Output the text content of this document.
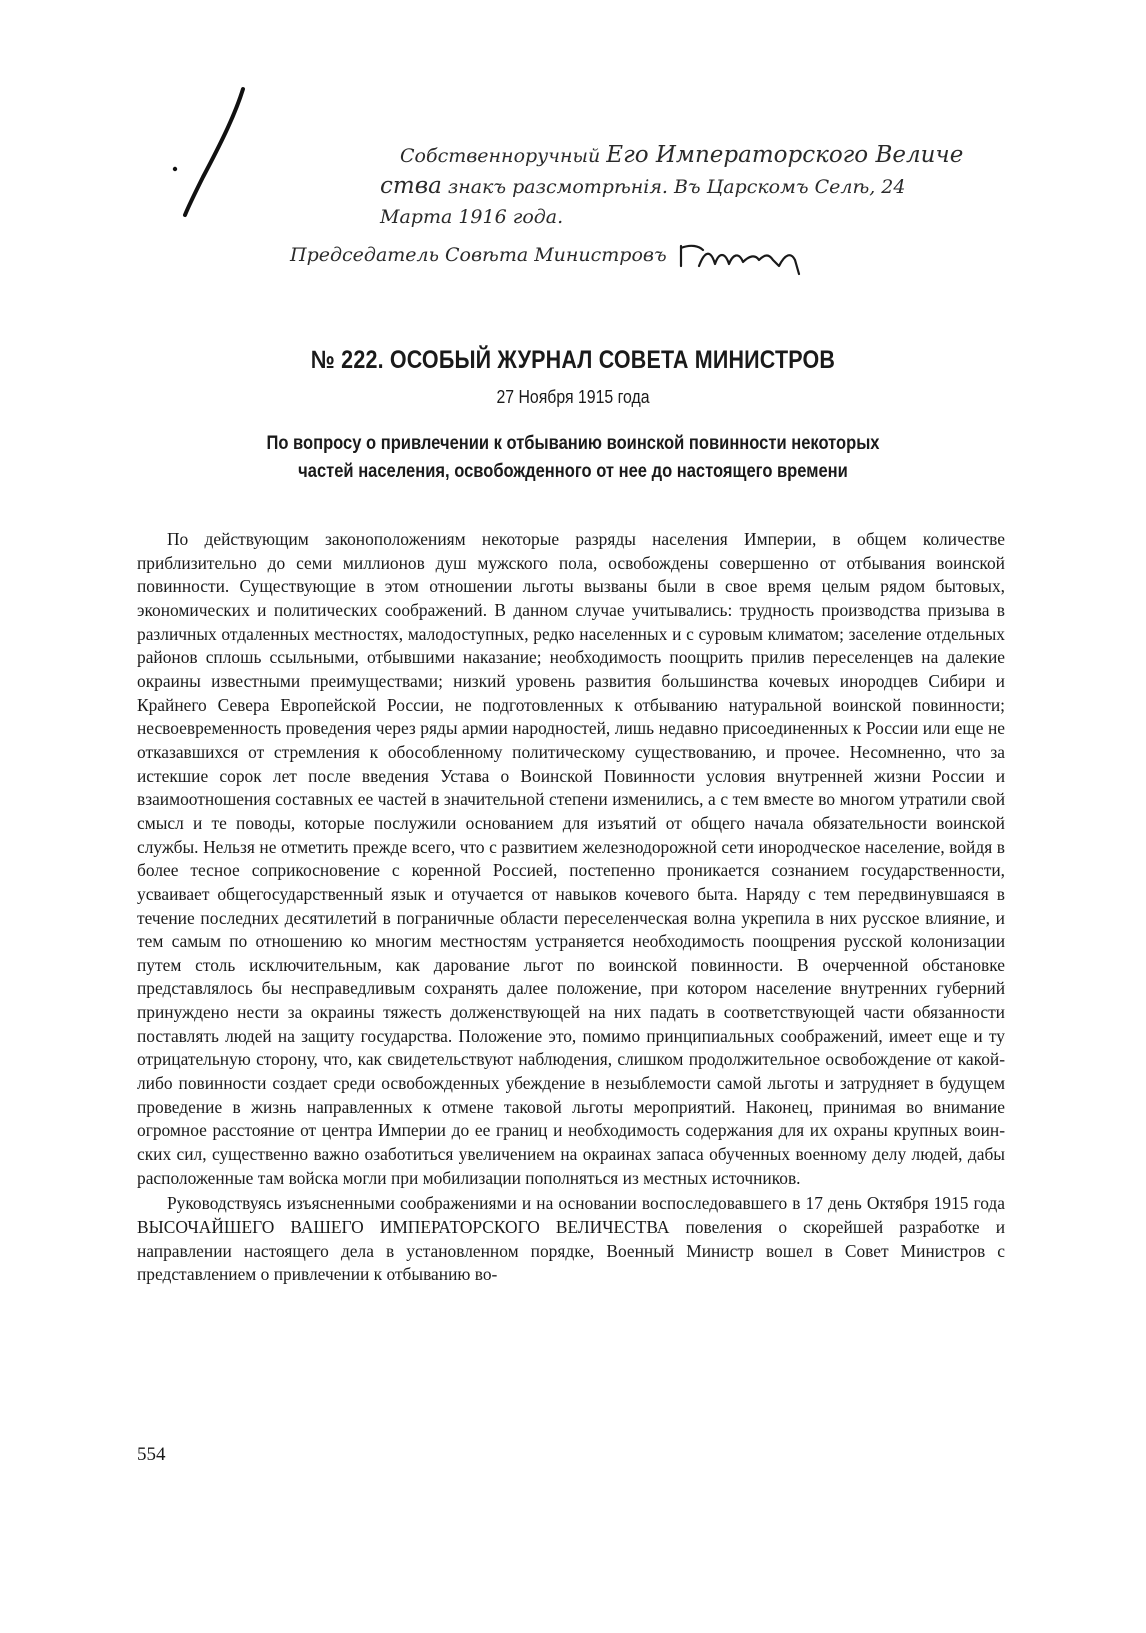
Собственноручный Его Императорского Величе
ства знакъ разсмотрѣнія. Въ Царскомъ Селѣ, 24
Марта 1916 года.
Председатель Совѣта Министровъ
№ 222. ОСОБЫЙ ЖУРНАЛ СОВЕТА МИНИСТРОВ
27 Ноября 1915 года
По вопросу о привлечении к отбыванию воинской повинности некоторых
частей населения, освобожденного от нее до настоящего времени

По действующим законоположениям некоторые разряды населения Империи, в общем количестве приблизительно до семи миллионов душ мужского пола, освобождены совершенно от отбывания воинской повинности. Существующие в этом отношении льготы вызваны были в свое время целым рядом бытовых, экономических и политических соображений. В данном случае учитывались: трудность производства призыва в различных отдаленных местностях, малодоступных, редко населенных и с суровым климатом; заселение отдельных районов сплошь ссыльными, отбывшими наказание; необходимость поощрить прилив переселенцев на далекие окраины известными преимуществами; низкий уровень развития большинства кочевых инородцев Сибири и Крайнего Севера Европейской России, не подготовленных к отбыванию натуральной воинской повинности; несвоевременность проведения через ряды армии народностей, лишь недавно присоединенных к России или еще не отказавшихся от стремления к обособленному политическому существованию, и прочее. Несомненно, что за истекшие сорок лет после введения Устава о Воинской Повинности условия внутренней жизни России и взаимоотношения составных ее частей в значительной степени изменились, а с тем вместе во многом утратили свой смысл и те поводы, которые послужили основанием для изъятий от общего начала обязательности воинской службы. Нельзя не отметить прежде всего, что с развитием железнодорожной сети инородческое население, войдя в более тесное соприкосновение с коренной Россией, постепенно проникается сознанием государственности, усваивает общегосударственный язык и отучается от навыков кочевого быта. Наряду с тем передвинувшаяся в течение последних десятилетий в пограничные области переселенческая волна укрепила в них русское влияние, и тем самым по отношению ко многим местностям устраняется необходимость поощрения русской колонизации путем столь исключительным, как дарование льгот по воинской повинности. В очерченной обстановке представлялось бы несправедливым сохранять далее положение, при котором население внутренних губерний принуждено нести за окраины тяжесть долженствующей на них падать в соответствующей части обязанности поставлять людей на защиту государства. Положение это, помимо принципиальных соображений, имеет еще и ту отрицательную сторону, что, как свидетельствуют наблюдения, слишком продолжительное освобождение от какой-либо повинности создает среди освобожденных убеждение в незыблемости самой льготы и затрудняет в будущем проведение в жизнь направленных к отмене таковой льготы мероприятий. Наконец, принимая во внимание огромное расстояние от центра Империи до ее границ и необходимость содержания для их охраны крупных воинских сил, существенно важно озаботиться увеличением на окраинах запаса обученных военному делу людей, дабы расположенные там войска могли при мобилизации пополняться из местных источников.

Руководствуясь изъясненными соображениями и на основании воспоследовавшего в 17 день Октября 1915 года ВЫСОЧАЙШЕГО ВАШЕГО ИМПЕРАТОРСКОГО ВЕЛИЧЕСТВА повеления о скорейшей разработке и направлении настоящего дела в установленном порядке, Военный Министр вошел в Совет Министров с представлением о привлечении к отбыванию во-

554
